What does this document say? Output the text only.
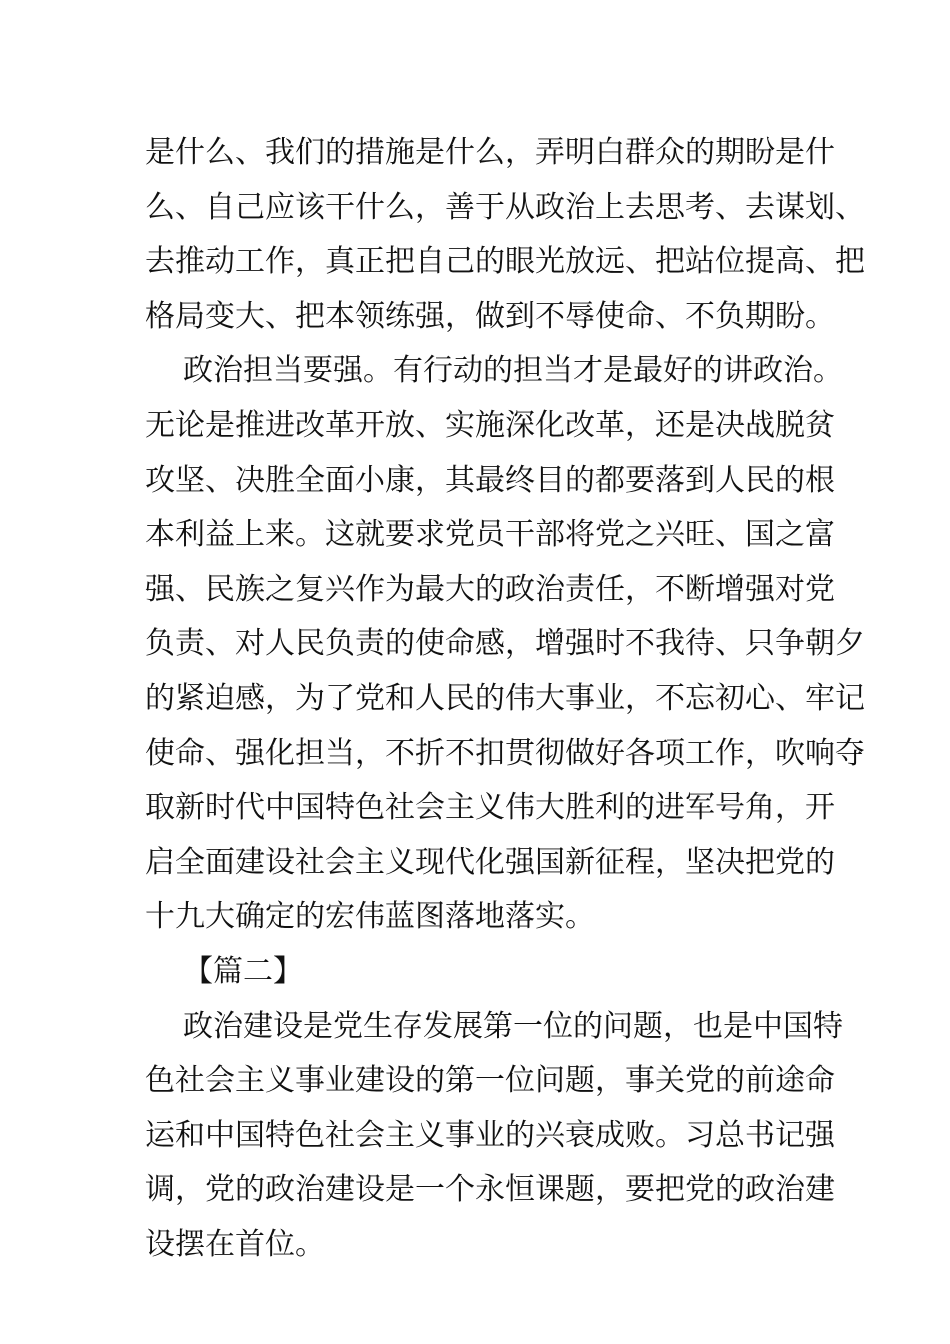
是什么、我们的措施是什么，弄明白群众的期盼是什
么、自己应该干什么，善于从政治上去思考、去谋划、
去推动工作，真正把自己的眼光放远、把站位提高、把
格局变大、把本领练强，做到不辱使命、不负期盼。
政治担当要强。有行动的担当才是最好的讲政治。
无论是推进改革开放、实施深化改革，还是决战脱贫
攻坚、决胜全面小康，其最终目的都要落到人民的根
本利益上来。这就要求党员干部将党之兴旺、国之富
强、民族之复兴作为最大的政治责任，不断增强对党
负责、对人民负责的使命感，增强时不我待、只争朝夕
的紧迫感，为了党和人民的伟大事业，不忘初心、牢记
使命、强化担当，不折不扣贯彻做好各项工作，吹响夺
取新时代中国特色社会主义伟大胜利的进军号角，开
启全面建设社会主义现代化强国新征程，坚决把党的
十九大确定的宏伟蓝图落地落实。
【篇二】
政治建设是党生存发展第一位的问题，也是中国特
色社会主义事业建设的第一位问题，事关党的前途命
运和中国特色社会主义事业的兴衰成败。习总书记强
调，党的政治建设是一个永恒课题，要把党的政治建
设摆在首位。
